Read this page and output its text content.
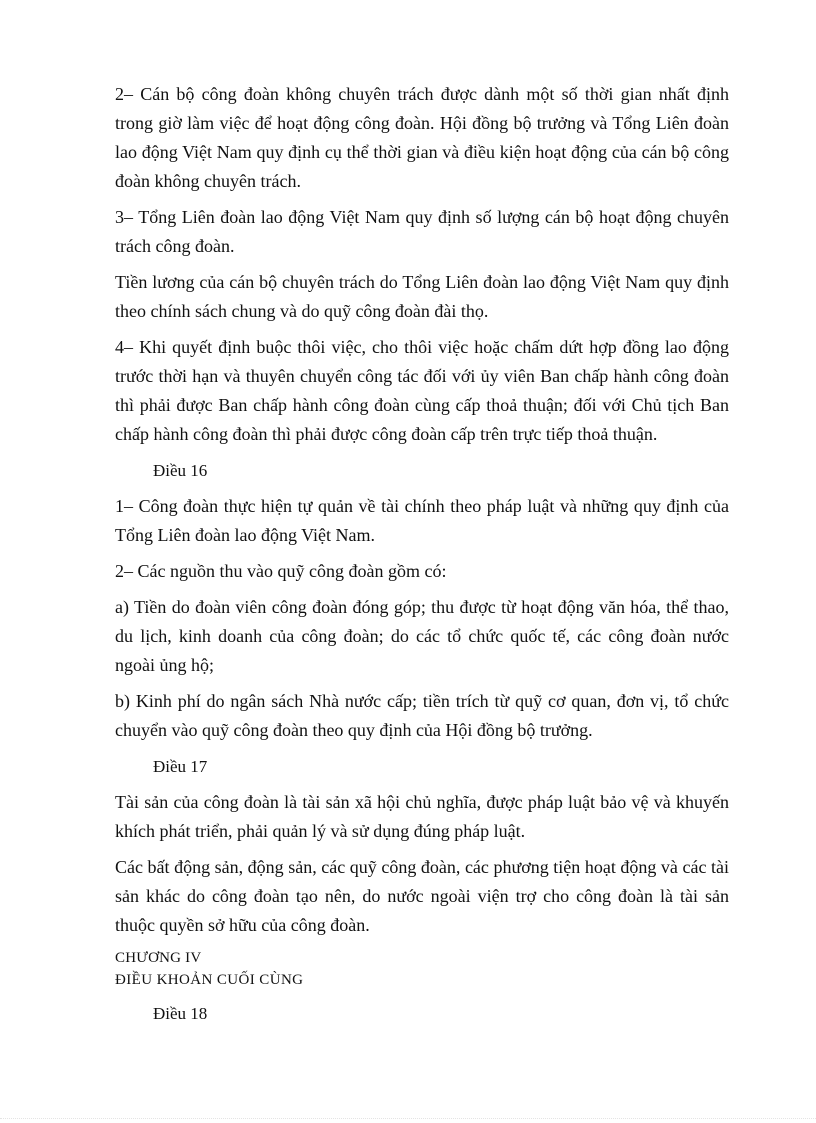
2– Cán bộ công đoàn không chuyên trách được dành một số thời gian nhất định trong giờ làm việc để hoạt động công đoàn. Hội đồng bộ trưởng và Tổng Liên đoàn lao động Việt Nam quy định cụ thể thời gian và điều kiện hoạt động của cán bộ công đoàn không chuyên trách.

3– Tổng Liên đoàn lao động Việt Nam quy định số lượng cán bộ hoạt động chuyên trách công đoàn.

Tiền lương của cán bộ chuyên trách do Tổng Liên đoàn lao động Việt Nam quy định theo chính sách chung và do quỹ công đoàn đài thọ.

4– Khi quyết định buộc thôi việc, cho thôi việc hoặc chấm dứt hợp đồng lao động trước thời hạn và thuyên chuyển công tác đối với ủy viên Ban chấp hành công đoàn thì phải được Ban chấp hành công đoàn cùng cấp thoả thuận; đối với Chủ tịch Ban chấp hành công đoàn thì phải được công đoàn cấp trên trực tiếp thoả thuận.

Điều 16

1– Công đoàn thực hiện tự quản về tài chính theo pháp luật và những quy định của Tổng Liên đoàn lao động Việt Nam.

2– Các nguồn thu vào quỹ công đoàn gồm có:

a) Tiền do đoàn viên công đoàn đóng góp; thu được từ hoạt động văn hóa, thể thao, du lịch, kinh doanh của công đoàn; do các tổ chức quốc tế, các công đoàn nước ngoài ủng hộ;

b) Kinh phí do ngân sách Nhà nước cấp; tiền trích từ quỹ cơ quan, đơn vị, tổ chức chuyển vào quỹ công đoàn theo quy định của Hội đồng bộ trưởng.

Điều 17

Tài sản của công đoàn là tài sản xã hội chủ nghĩa, được pháp luật bảo vệ và khuyến khích phát triển, phải quản lý và sử dụng đúng pháp luật.

Các bất động sản, động sản, các quỹ công đoàn, các phương tiện hoạt động và các tài sản khác do công đoàn tạo nên, do nước ngoài viện trợ cho công đoàn là tài sản thuộc quyền sở hữu của công đoàn.

CHƯƠNG IV

ĐIỀU KHOẢN CUỐI CÙNG

Điều 18
